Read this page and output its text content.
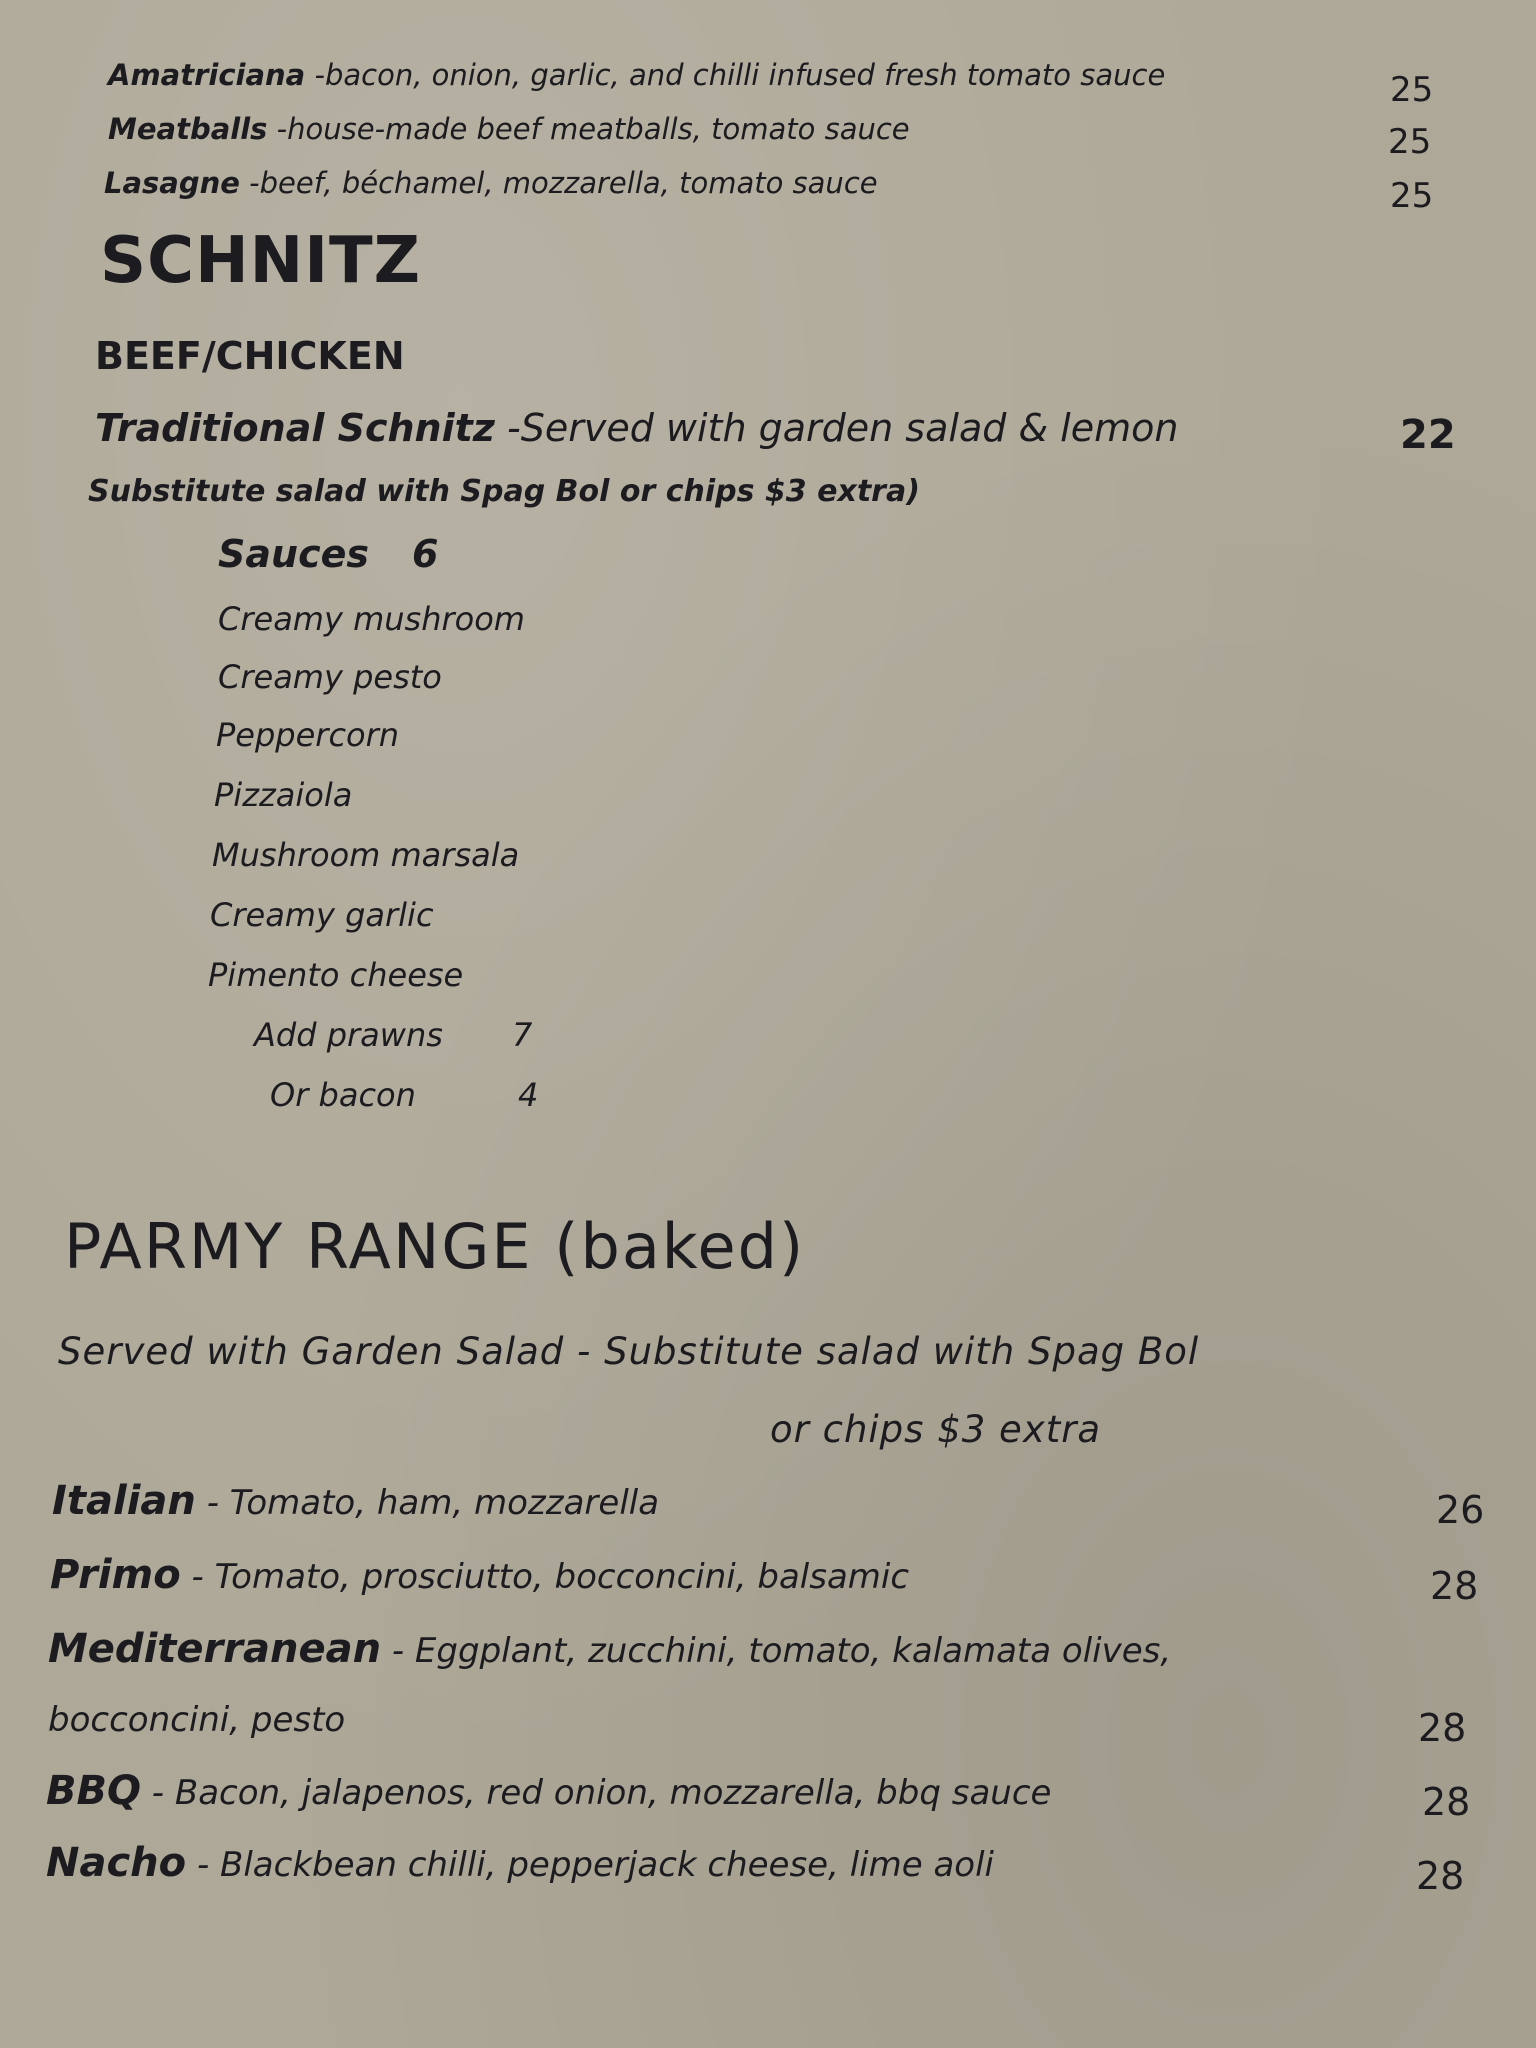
Amatriciana -bacon, onion, garlic, and chilli infused fresh tomato sauce	25
Meatballs -house-made beef meatballs, tomato sauce	25
Lasagne -beef, béchamel, mozzarella, tomato sauce	25
SCHNITZ
BEEF/CHICKEN
Traditional Schnitz -Served with garden salad & lemon	22
Substitute salad with Spag Bol or chips $3 extra)
Sauces 6
Creamy mushroom
Creamy pesto
Peppercorn
Pizzaiola
Mushroom marsala
Creamy garlic
Pimento cheese
Add prawns 7
Or bacon	4
PARMY RANGE (baked)
Served with Garden Salad - Substitute salad with Spag Bol
or chips $3 extra
Italian - Tomato, ham, mozzarella	26
Primo - Tomato, prosciutto, bocconcini, balsamic	28
Mediterranean - Eggplant, zucchini, tomato, kalamata olives,
bocconcini, pesto	28
BBQ - Bacon, jalapenos, red onion, mozzarella, bbq sauce	28
Nacho - Blackbean chilli, pepperjack cheese, lime aoli	28
